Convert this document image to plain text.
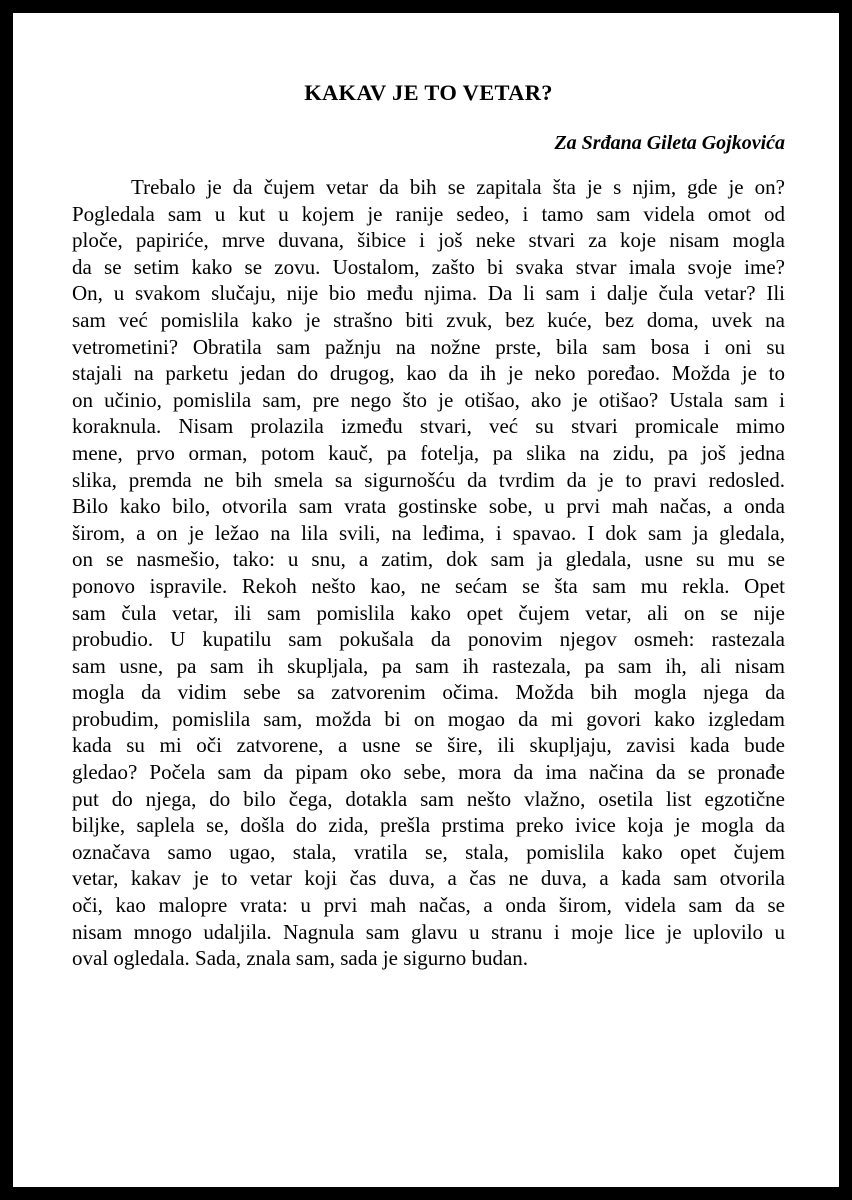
KAKAV JE TO VETAR?

Za Srđana Gileta Gojkovića

Trebalo je da čujem vetar da bih se zapitala šta je s njim, gde je on?
Pogledala sam u kut u kojem je ranije sedeo, i tamo sam videla omot od
ploče, papiriće, mrve duvana, šibice i još neke stvari za koje nisam mogla
da se setim kako se zovu. Uostalom, zašto bi svaka stvar imala svoje ime?
On, u svakom slučaju, nije bio među njima. Da li sam i dalje čula vetar? Ili
sam već pomislila kako je strašno biti zvuk, bez kuće, bez doma, uvek na
vetrometini? Obratila sam pažnju na nožne prste, bila sam bosa i oni su
stajali na parketu jedan do drugog, kao da ih je neko poređao. Možda je to
on učinio, pomislila sam, pre nego što je otišao, ako je otišao? Ustala sam i
koraknula. Nisam prolazila između stvari, već su stvari promicale mimo
mene, prvo orman, potom kauč, pa fotelja, pa slika na zidu, pa još jedna
slika, premda ne bih smela sa sigurnošću da tvrdim da je to pravi redosled.
Bilo kako bilo, otvorila sam vrata gostinske sobe, u prvi mah načas, a onda
širom, a on je ležao na lila svili, na leđima, i spavao. I dok sam ja gledala,
on se nasmešio, tako: u snu, a zatim, dok sam ja gledala, usne su mu se
ponovo ispravile. Rekoh nešto kao, ne sećam se šta sam mu rekla. Opet
sam čula vetar, ili sam pomislila kako opet čujem vetar, ali on se nije
probudio. U kupatilu sam pokušala da ponovim njegov osmeh: rastezala
sam usne, pa sam ih skupljala, pa sam ih rastezala, pa sam ih, ali nisam
mogla da vidim sebe sa zatvorenim očima. Možda bih mogla njega da
probudim, pomislila sam, možda bi on mogao da mi govori kako izgledam
kada su mi oči zatvorene, a usne se šire, ili skupljaju, zavisi kada bude
gledao? Počela sam da pipam oko sebe, mora da ima načina da se pronađe
put do njega, do bilo čega, dotakla sam nešto vlažno, osetila list egzotične
biljke, saplela se, došla do zida, prešla prstima preko ivice koja je mogla da
označava samo ugao, stala, vratila se, stala, pomislila kako opet čujem
vetar, kakav je to vetar koji čas duva, a čas ne duva, a kada sam otvorila
oči, kao malopre vrata: u prvi mah načas, a onda širom, videla sam da se
nisam mnogo udaljila. Nagnula sam glavu u stranu i moje lice je uplovilo u
oval ogledala. Sada, znala sam, sada je sigurno budan.
